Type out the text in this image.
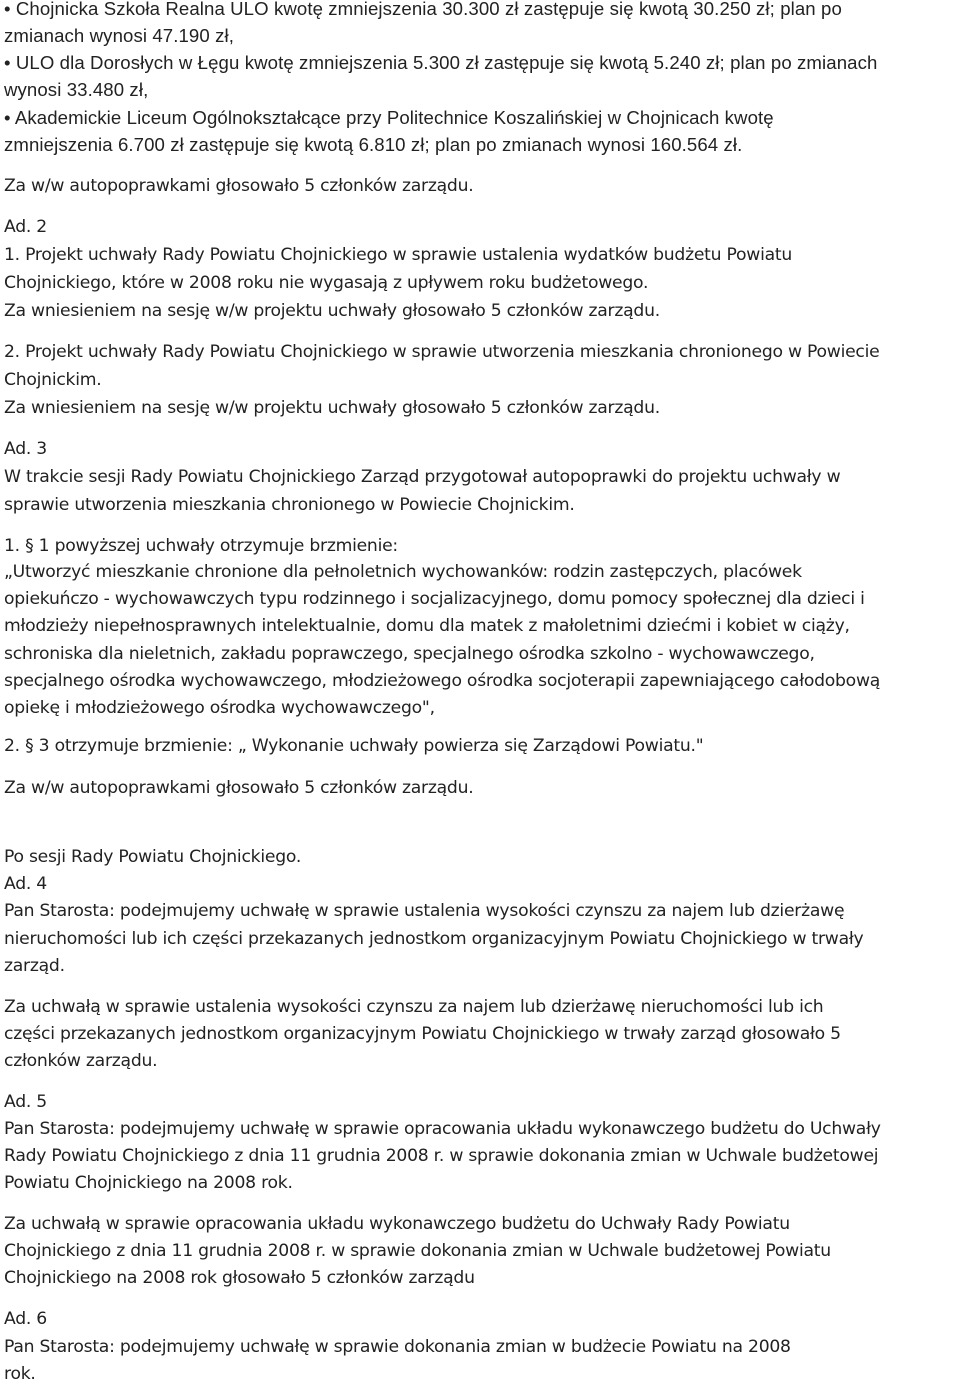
• Chojnicka Szkoła Realna ULO kwotę zmniejszenia 30.300 zł zastępuje się kwotą 30.250 zł; plan po
zmianach wynosi 47.190 zł,
• ULO dla Dorosłych w Łęgu kwotę zmniejszenia 5.300 zł zastępuje się kwotą 5.240 zł; plan po zmianach
wynosi 33.480 zł,
• Akademickie Liceum Ogólnokształcące przy Politechnice Koszalińskiej w Chojnicach kwotę
zmniejszenia 6.700 zł zastępuje się kwotą 6.810 zł; plan po zmianach wynosi 160.564 zł.
Za w/w autopoprawkami głosowało 5 członków zarządu.
Ad. 2
1. Projekt uchwały Rady Powiatu Chojnickiego w sprawie ustalenia wydatków budżetu Powiatu
Chojnickiego, które w 2008 roku nie wygasają z upływem roku budżetowego.
Za wniesieniem na sesję w/w projektu uchwały głosowało 5 członków zarządu.
2. Projekt uchwały Rady Powiatu Chojnickiego w sprawie utworzenia mieszkania chronionego w Powiecie
Chojnickim.
Za wniesieniem na sesję w/w projektu uchwały głosowało 5 członków zarządu.
Ad. 3
W trakcie sesji Rady Powiatu Chojnickiego Zarząd przygotował autopoprawki do projektu uchwały w
sprawie utworzenia mieszkania chronionego w Powiecie Chojnickim.
1. § 1 powyższej uchwały otrzymuje brzmienie:
„Utworzyć mieszkanie chronione dla pełnoletnich wychowanków: rodzin zastępczych, placówek
opiekuńczo - wychowawczych typu rodzinnego i socjalizacyjnego, domu pomocy społecznej dla dzieci i
młodzieży niepełnosprawnych intelektualnie, domu dla matek z małoletnimi dziećmi i kobiet w ciąży,
schroniska dla nieletnich, zakładu poprawczego, specjalnego ośrodka szkolno - wychowawczego,
specjalnego ośrodka wychowawczego, młodzieżowego ośrodka socjoterapii zapewniającego całodobową
opiekę i młodzieżowego ośrodka wychowawczego",
2. § 3 otrzymuje brzmienie: „ Wykonanie uchwały powierza się Zarządowi Powiatu."
Za w/w autopoprawkami głosowało 5 członków zarządu.
Po sesji Rady Powiatu Chojnickiego.
Ad. 4
Pan Starosta: podejmujemy uchwałę w sprawie ustalenia wysokości czynszu za najem lub dzierżawę
nieruchomości lub ich części przekazanych jednostkom organizacyjnym Powiatu Chojnickiego w trwały
zarząd.
Za uchwałą w sprawie ustalenia wysokości czynszu za najem lub dzierżawę nieruchomości lub ich
części przekazanych jednostkom organizacyjnym Powiatu Chojnickiego w trwały zarząd głosowało 5
członków zarządu.
Ad. 5
Pan Starosta: podejmujemy uchwałę w sprawie opracowania układu wykonawczego budżetu do Uchwały
Rady Powiatu Chojnickiego z dnia 11 grudnia 2008 r. w sprawie dokonania zmian w Uchwale budżetowej
Powiatu Chojnickiego na 2008 rok.
Za uchwałą w sprawie opracowania układu wykonawczego budżetu do Uchwały Rady Powiatu
Chojnickiego z dnia 11 grudnia 2008 r. w sprawie dokonania zmian w Uchwale budżetowej Powiatu
Chojnickiego na 2008 rok głosowało 5 członków zarządu
Ad. 6
Pan Starosta: podejmujemy uchwałę w sprawie dokonania zmian w budżecie Powiatu na 2008
rok.
